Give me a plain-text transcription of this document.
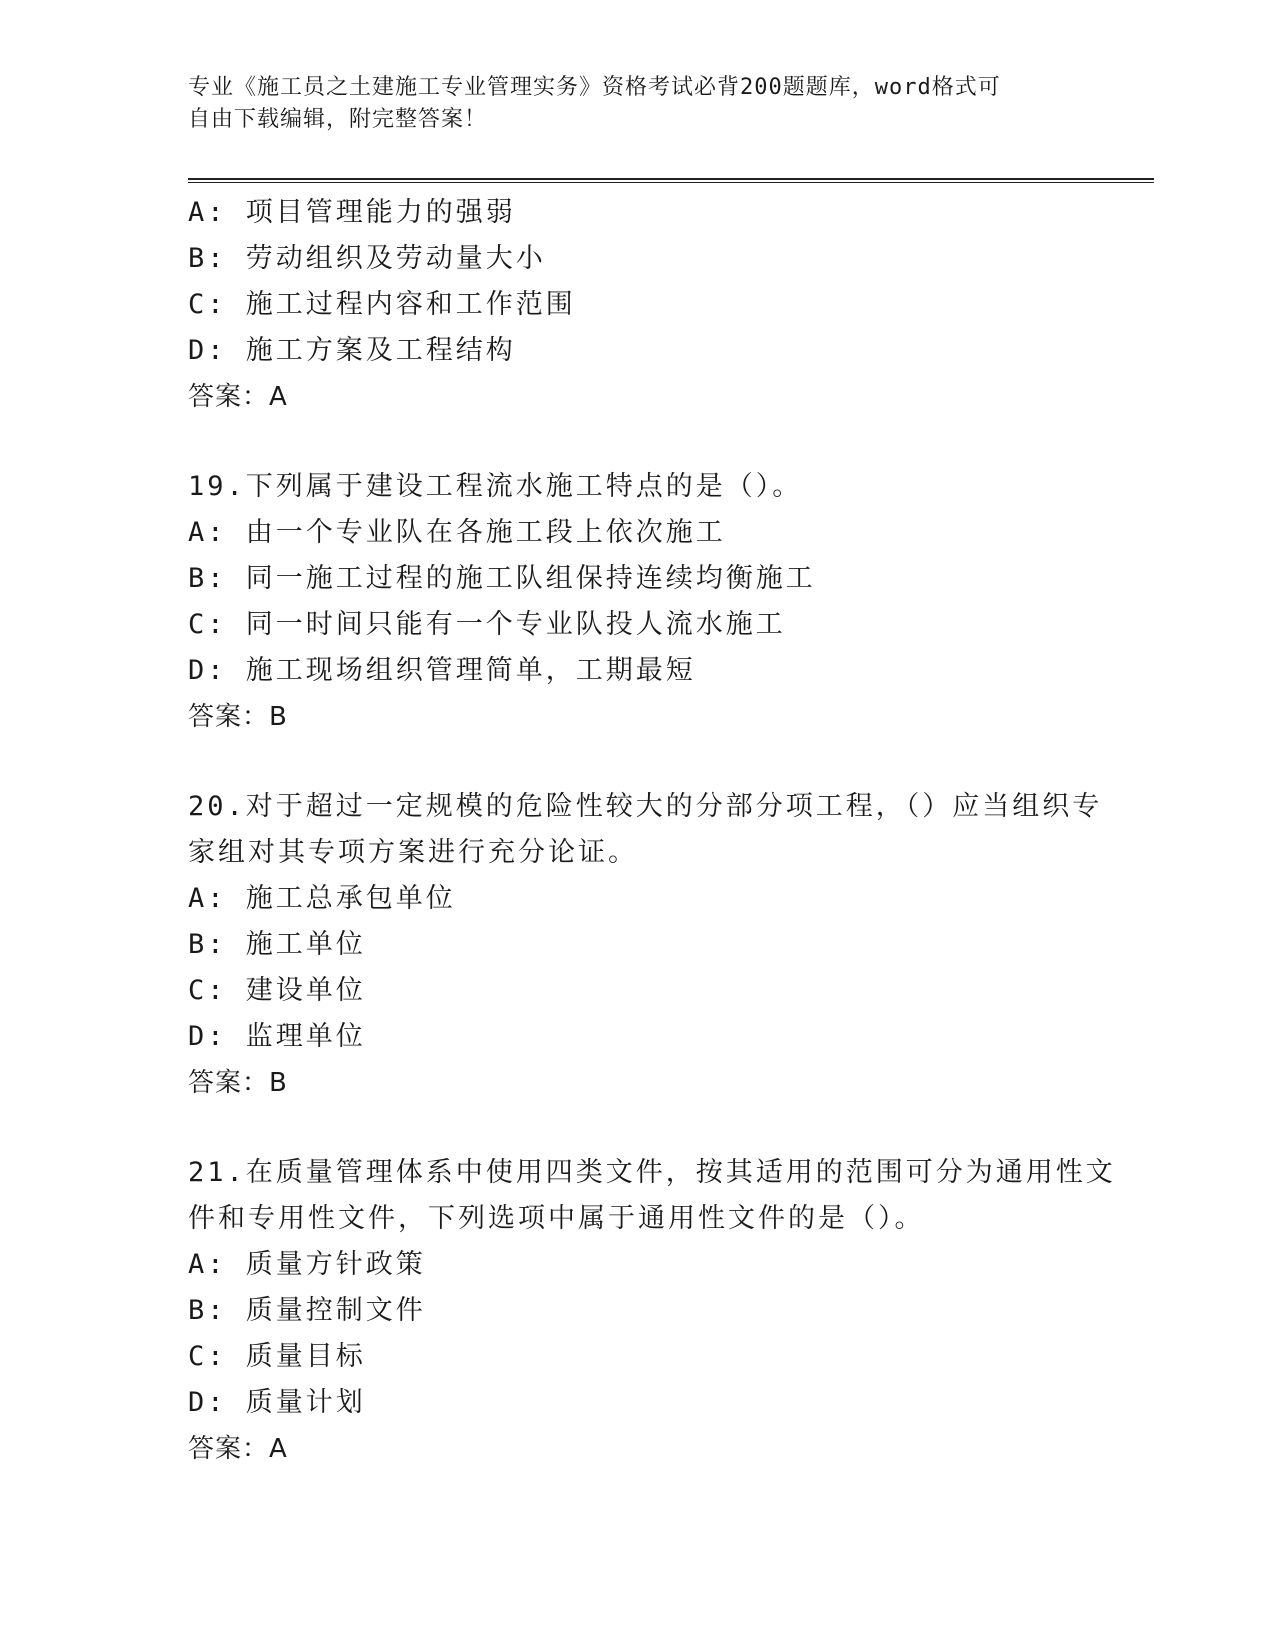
专业《施工员之土建施工专业管理实务》资格考试必背200题题库，word格式可
自由下载编辑，附完整答案！
A: 项目管理能力的强弱
B: 劳动组织及劳动量大小
C: 施工过程内容和工作范围
D: 施工方案及工程结构
答案：A
19.下列属于建设工程流水施工特点的是（）。
A: 由一个专业队在各施工段上依次施工
B: 同一施工过程的施工队组保持连续均衡施工
C: 同一时间只能有一个专业队投人流水施工
D: 施工现场组织管理简单，工期最短
答案：B
20.对于超过一定规模的危险性较大的分部分项工程，（）应当组织专
家组对其专项方案进行充分论证。
A: 施工总承包单位
B: 施工单位
C: 建设单位
D: 监理单位
答案：B
21.在质量管理体系中使用四类文件，按其适用的范围可分为通用性文
件和专用性文件，下列选项中属于通用性文件的是（）。
A: 质量方针政策
B: 质量控制文件
C: 质量目标
D: 质量计划
答案：A
